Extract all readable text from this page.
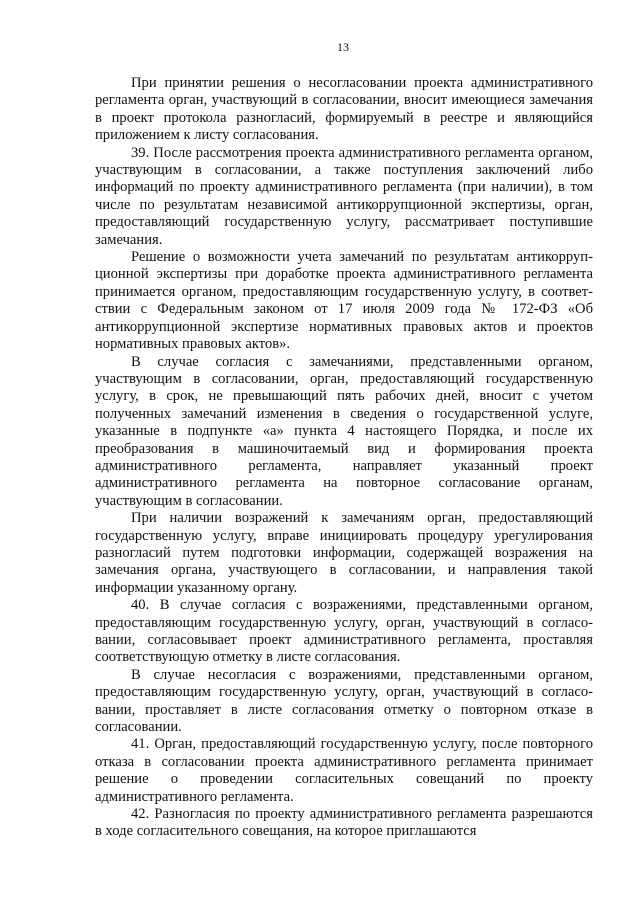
13

При принятии решения о несогласовании проекта административного регламента орган, участвующий в согласовании, вносит имеющиеся замечания в проект протокола разногласий, формируемый в реестре и являющийся приложением к листу согласования.

39. После рассмотрения проекта административного регламента органом, участвующим в согласовании, а также поступления заключений либо информаций по проекту административного регламента (при наличии), в том числе по результатам независимой антикоррупционной экспертизы, орган, предоставляющий государственную услугу, рассматривает поступившие замечания.

Решение о возможности учета замечаний по результатам антикоррупционной экспертизы при доработке проекта административного регламента принимается органом, предоставляющим государственную услугу, в соответствии с Федеральным законом от 17 июля 2009 года № 172-ФЗ «Об антикоррупционной экспертизе нормативных правовых актов и проектов нормативных правовых актов».

В случае согласия с замечаниями, представленными органом, участвующим в согласовании, орган, предоставляющий государственную услугу, в срок, не превышающий пять рабочих дней, вносит с учетом полученных замечаний изменения в сведения о государственной услуге, указанные в подпункте «а» пункта 4 настоящего Порядка, и после их преобразования в машиночитаемый вид и формирования проекта административного регламента, направляет указанный проект административного регламента на повторное согласование органам, участвующим в согласовании.

При наличии возражений к замечаниям орган, предоставляющий государственную услугу, вправе инициировать процедуру урегулирования разногласий путем подготовки информации, содержащей возражения на замечания органа, участвующего в согласовании, и направления такой информации указанному органу.

40. В случае согласия с возражениями, представленными органом, предоставляющим государственную услугу, орган, участвующий в согласовании, согласовывает проект административного регламента, проставляя соответствующую отметку в листе согласования.

В случае несогласия с возражениями, представленными органом, предоставляющим государственную услугу, орган, участвующий в согласовании, проставляет в листе согласования отметку о повторном отказе в согласовании.

41. Орган, предоставляющий государственную услугу, после повторного отказа в согласовании проекта административного регламента принимает решение о проведении согласительных совещаний по проекту административного регламента.

42. Разногласия по проекту административного регламента разрешаются в ходе согласительного совещания, на которое приглашаются
